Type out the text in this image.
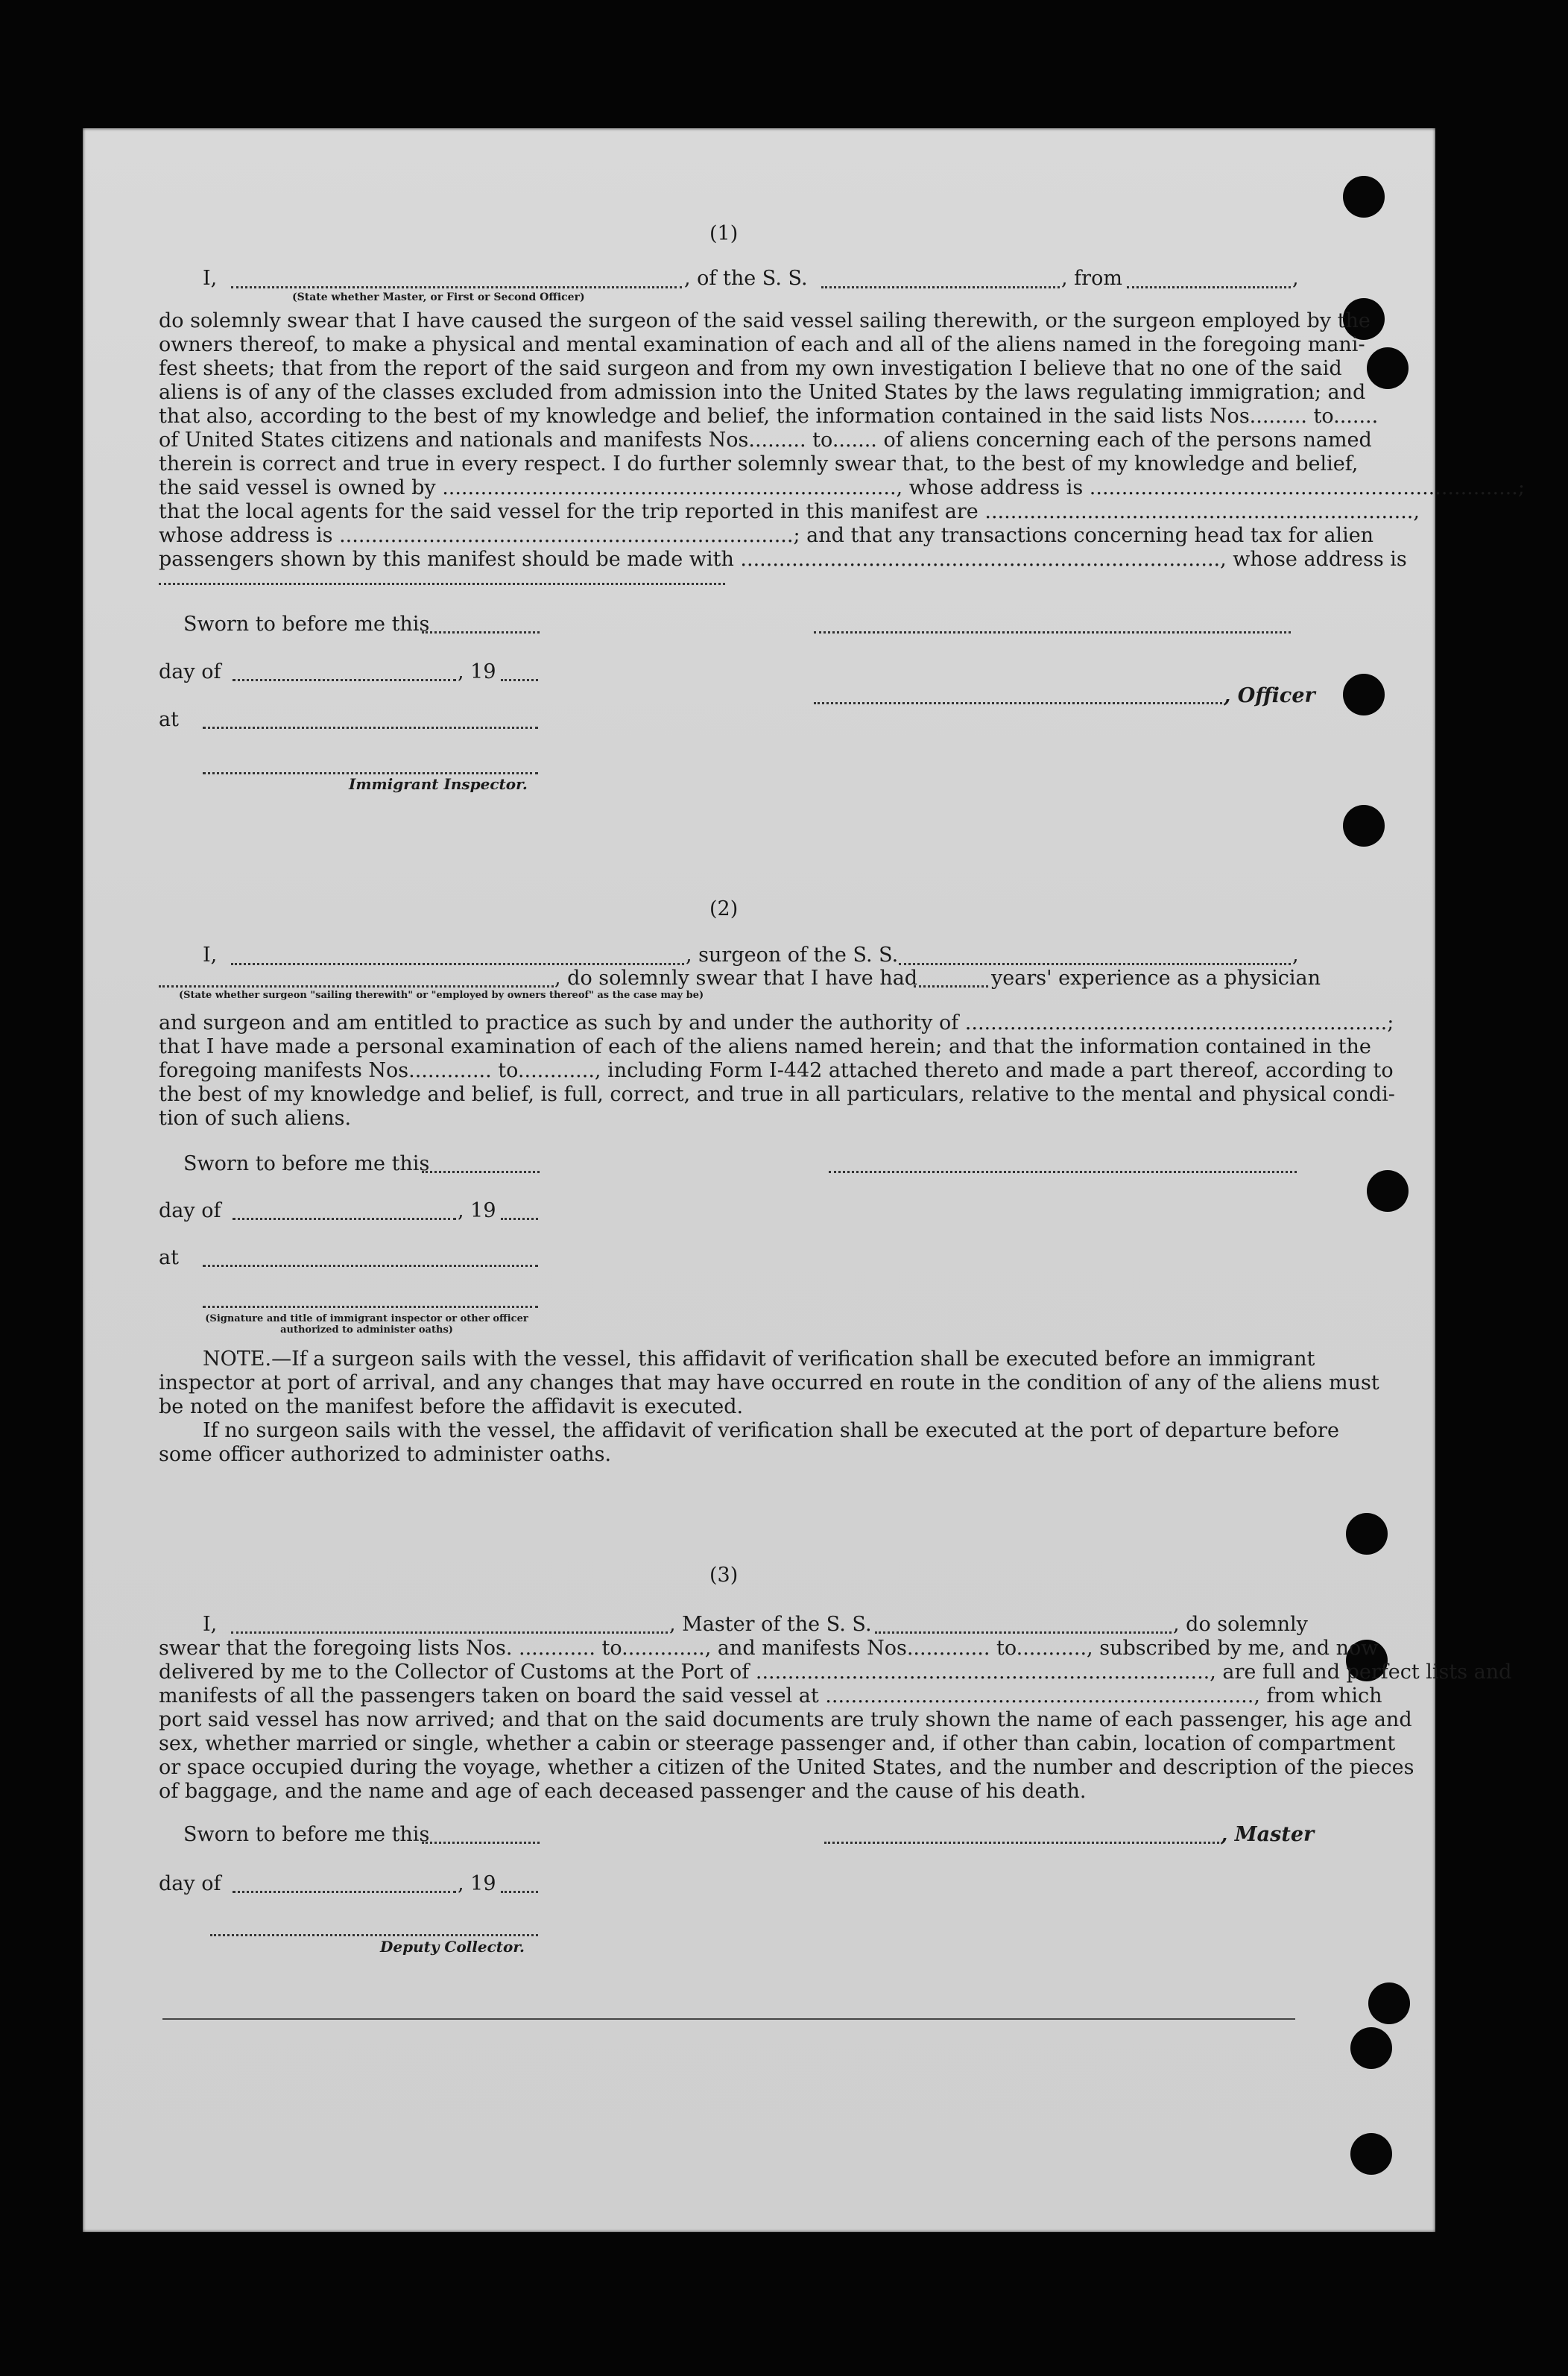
(1)
I,	, of the S. S.	, from	,
(State whether Master, or First or Second Officer)
do solemnly swear that I have caused the surgeon of the said vessel sailing therewith, or the surgeon employed by the
owners thereof, to make a physical and mental examination of each and all of the aliens named in the foregoing mani-
fest sheets; that from the report of the said surgeon and from my own investigation I believe that no one of the said
aliens is of any of the classes excluded from admission into the United States by the laws regulating immigration; and
that also, according to the best of my knowledge and belief, the information contained in the said lists Nos......... to.......
of United States citizens and nationals and manifests Nos......... to....... of aliens concerning each of the persons named
therein is correct and true in every respect. I do further solemnly swear that, to the best of my knowledge and belief,
the said vessel is owned by ......................................................................., whose address is ...................................................................;
that the local agents for the said vessel for the trip reported in this manifest are ...................................................................,
whose address is .......................................................................; and that any transactions concerning head tax for alien
passengers shown by this manifest should be made with ..........................................................................., whose address is
Sworn to before me this
day of	, 19
, Officer
at
Immigrant Inspector.
(2)
I,	, surgeon of the S. S.	,
, do solemnly swear that I have had	years' experience as a physician
(State whether surgeon "sailing therewith" or "employed by owners thereof" as the case may be)
and surgeon and am entitled to practice as such by and under the authority of ..................................................................;
that I have made a personal examination of each of the aliens named herein; and that the information contained in the
foregoing manifests Nos............. to............, including Form I-442 attached thereto and made a part thereof, according to
the best of my knowledge and belief, is full, correct, and true in all particulars, relative to the mental and physical condi-
tion of such aliens.
Sworn to before me this
day of	, 19
at
(Signature and title of immigrant inspector or other officer authorized to administer oaths)
NOTE.—If a surgeon sails with the vessel, this affidavit of verification shall be executed before an immigrant
inspector at port of arrival, and any changes that may have occurred en route in the condition of any of the aliens must
be noted on the manifest before the affidavit is executed.
If no surgeon sails with the vessel, the affidavit of verification shall be executed at the port of departure before
some officer authorized to administer oaths.
(3)
I,	, Master of the S. S.	, do solemnly
swear that the foregoing lists Nos. ............ to............., and manifests Nos............. to..........., subscribed by me, and now
delivered by me to the Collector of Customs at the Port of ......................................................................., are full and perfect lists and
manifests of all the passengers taken on board the said vessel at ..................................................................., from which
port said vessel has now arrived; and that on the said documents are truly shown the name of each passenger, his age and
sex, whether married or single, whether a cabin or steerage passenger and, if other than cabin, location of compartment
or space occupied during the voyage, whether a citizen of the United States, and the number and description of the pieces
of baggage, and the name and age of each deceased passenger and the cause of his death.
Sworn to before me this	, Master
day of	, 19
Deputy Collector.
